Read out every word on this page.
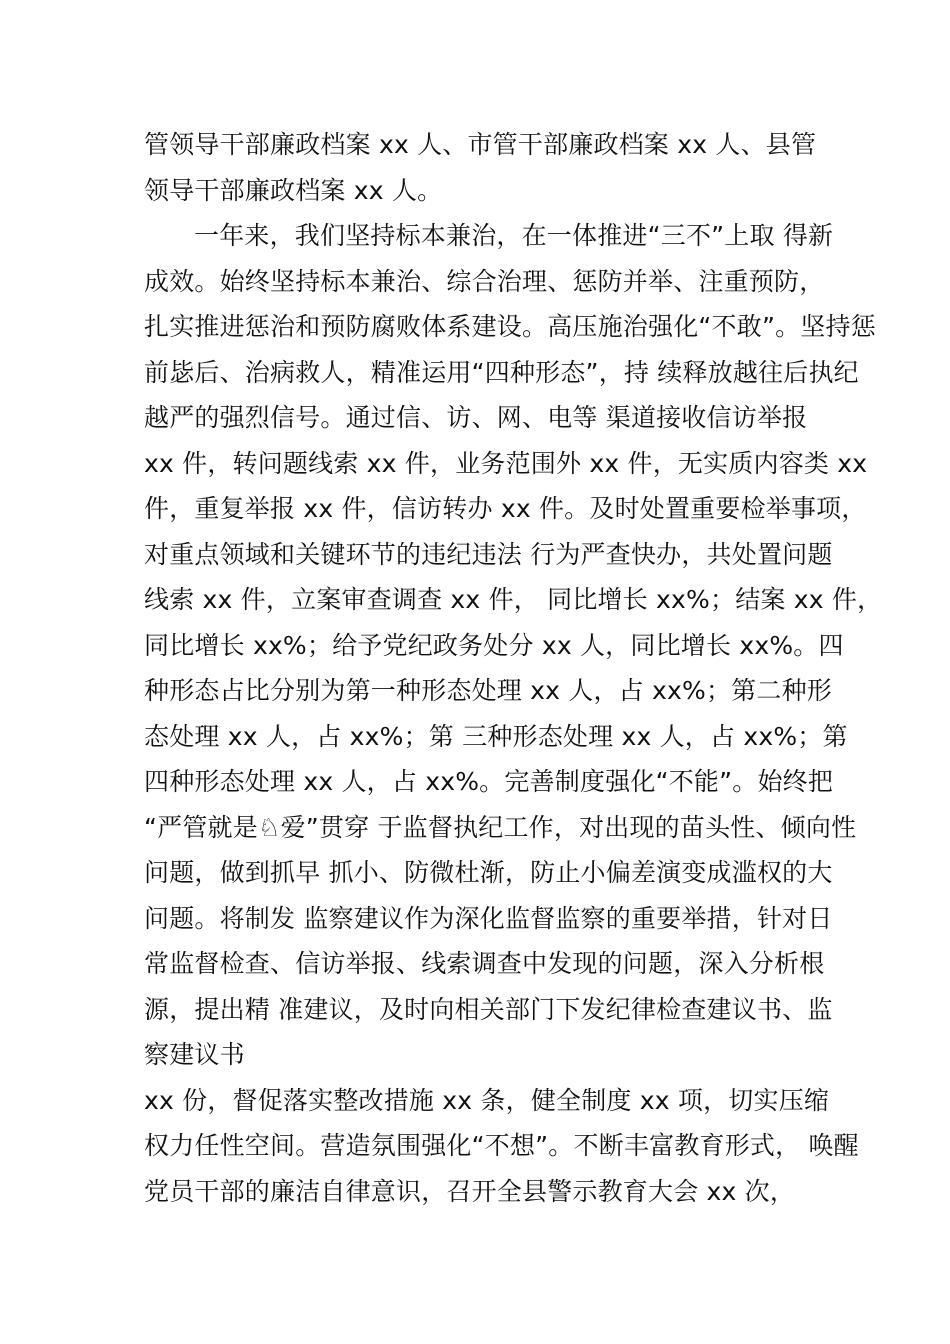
管领导干部廉政档案 xx 人、市管干部廉政档案 xx 人、县管
领导干部廉政档案 xx 人。
一年来，我们坚持标本兼治，在一体推进“三不”上取 得新
成效。始终坚持标本兼治、综合治理、惩防并举、注重预防，
扎实推进惩治和预防腐败体系建设。高压施治强化“不敢”。坚持惩
前毖后、治病救人，精准运用“四种形态”，持 续释放越往后执纪
越严的强烈信号。通过信、访、网、电等 渠道接收信访举报
xx 件，转问题线索 xx 件，业务范围外 xx 件，无实质内容类 xx
件，重复举报 xx 件，信访转办 xx 件。及时处置重要检举事项，
对重点领域和关键环节的违纪违法 行为严查快办，共处置问题
线索 xx 件，立案审查调查 xx 件， 同比增长 xx%；结案 xx 件，
同比增长 xx%；给予党纪政务处分 xx 人，同比增长 xx%。四
种形态占比分别为第一种形态处理 xx 人，占 xx%；第二种形
态处理 xx 人，占 xx%；第 三种形态处理 xx 人，占 xx%；第
四种形态处理 xx 人，占 xx%。完善制度强化“不能”。始终把
“严管就是♘爱”贯穿 于监督执纪工作，对出现的苗头性、倾向性
问题，做到抓早 抓小、防微杜渐，防止小偏差演变成滥权的大
问题。将制发 监察建议作为深化监督监察的重要举措，针对日
常监督检查、信访举报、线索调查中发现的问题，深入分析根
源，提出精 准建议，及时向相关部门下发纪律检查建议书、监
察建议书
xx 份，督促落实整改措施 xx 条，健全制度 xx 项，切实压缩
权力任性空间。营造氛围强化“不想”。不断丰富教育形式， 唤醒
党员干部的廉洁自律意识，召开全县警示教育大会 xx 次，
